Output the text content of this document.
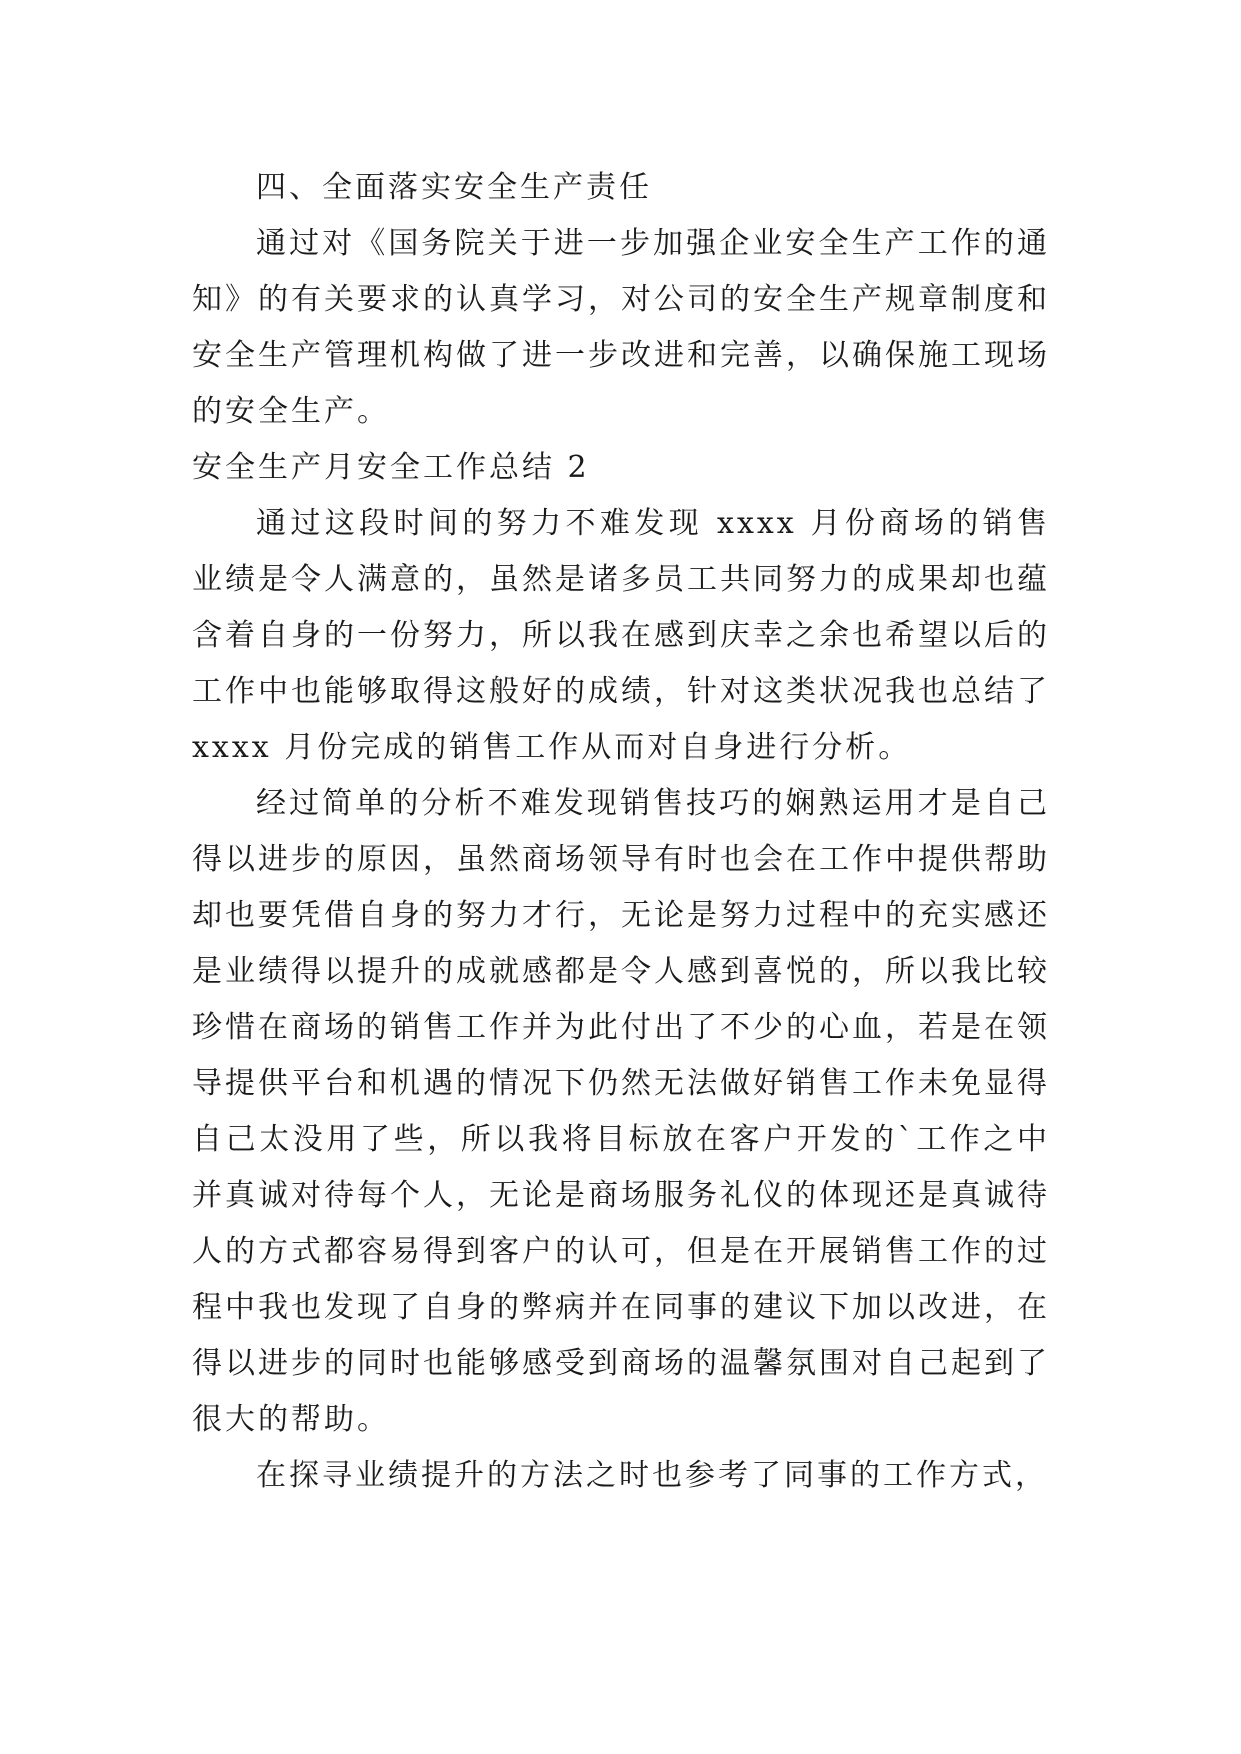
四、全面落实安全生产责任

通过对《国务院关于进一步加强企业安全生产工作的通知》的有关要求的认真学习，对公司的安全生产规章制度和安全生产管理机构做了进一步改进和完善，以确保施工现场的安全生产。

安全生产月安全工作总结 2

通过这段时间的努力不难发现 xxxx 月份商场的销售业绩是令人满意的，虽然是诸多员工共同努力的成果却也蕴含着自身的一份努力，所以我在感到庆幸之余也希望以后的工作中也能够取得这般好的成绩，针对这类状况我也总结了 xxxx 月份完成的销售工作从而对自身进行分析。

经过简单的分析不难发现销售技巧的娴熟运用才是自己得以进步的原因，虽然商场领导有时也会在工作中提供帮助却也要凭借自身的努力才行，无论是努力过程中的充实感还是业绩得以提升的成就感都是令人感到喜悦的，所以我比较珍惜在商场的销售工作并为此付出了不少的心血，若是在领导提供平台和机遇的情况下仍然无法做好销售工作未免显得自己太没用了些，所以我将目标放在客户开发的`工作之中并真诚对待每个人，无论是商场服务礼仪的体现还是真诚待人的方式都容易得到客户的认可，但是在开展销售工作的过程中我也发现了自身的弊病并在同事的建议下加以改进，在得以进步的同时也能够感受到商场的温馨氛围对自己起到了很大的帮助。

在探寻业绩提升的方法之时也参考了同事的工作方式，
